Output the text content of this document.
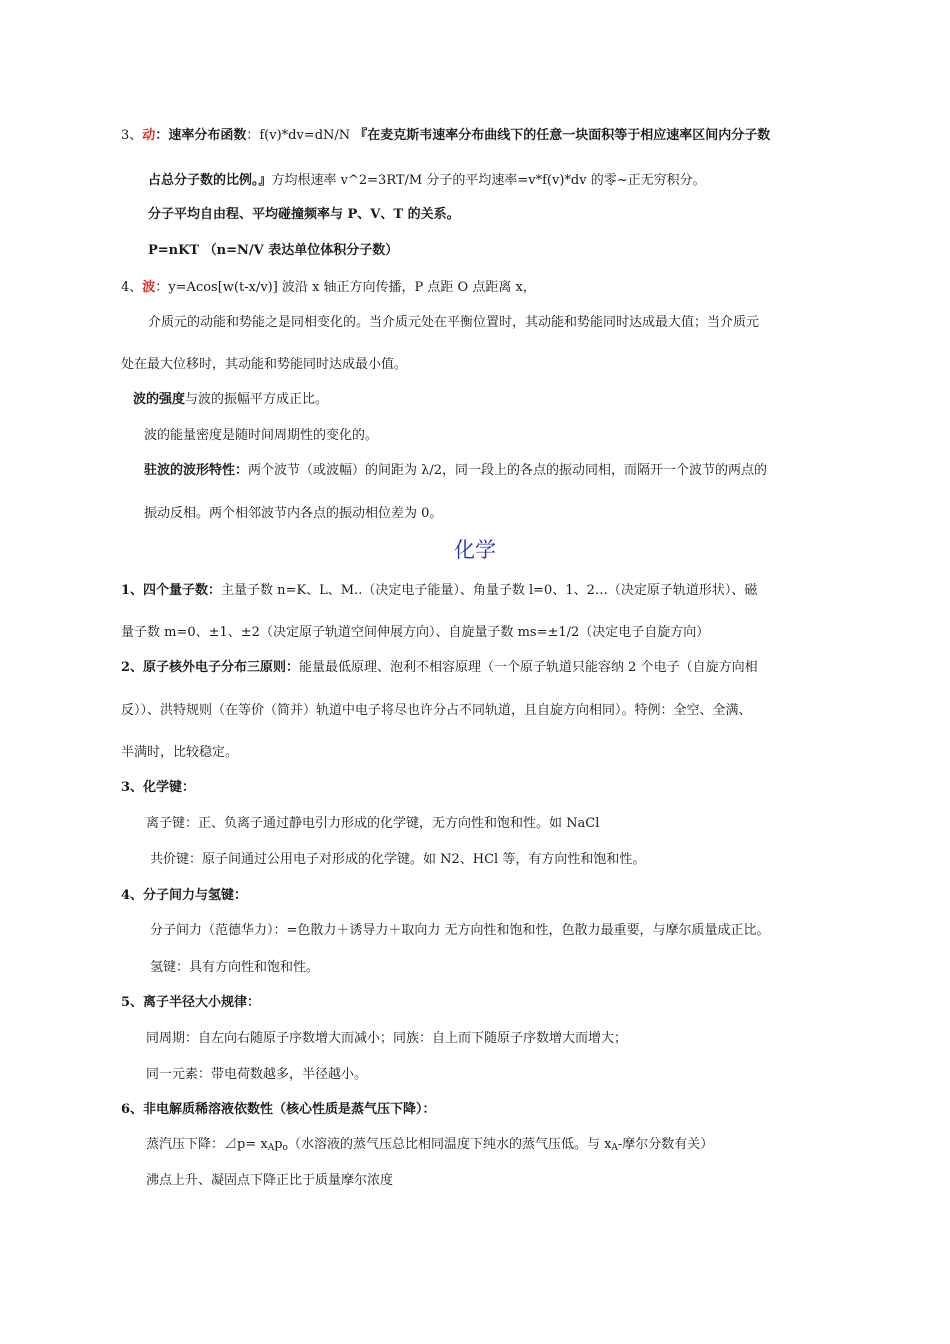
3、动：速率分布函数：f(v)*dv=dN/N 『在麦克斯韦速率分布曲线下的任意一块面积等于相应速率区间内分子数
占总分子数的比例。』方均根速率 v^2=3RT/M 分子的平均速率=v*f(v)*dv 的零~正无穷积分。
分子平均自由程、平均碰撞频率与 P、V、T 的关系。
P=nKT （n=N/V 表达单位体积分子数）
4、波：y=Acos[w(t-x/v)] 波沿 x 轴正方向传播，P 点距 O 点距离 x，
介质元的动能和势能之是同相变化的。当介质元处在平衡位置时，其动能和势能同时达成最大值；当介质元
处在最大位移时，其动能和势能同时达成最小值。
波的强度与波的振幅平方成正比。
波的能量密度是随时间周期性的变化的。
驻波的波形特性：两个波节（或波幅）的间距为 λ/2，同一段上的各点的振动同相，而隔开一个波节的两点的
振动反相。两个相邻波节内各点的振动相位差为 0。
化学
1、四个量子数：主量子数 n=K、L、M..（决定电子能量）、角量子数 l=0、1、2…（决定原子轨道形状）、磁
量子数 m=0、±1、±2（决定原子轨道空间伸展方向）、自旋量子数 ms=±1/2（决定电子自旋方向）
2、原子核外电子分布三原则：能量最低原理、泡利不相容原理（一个原子轨道只能容纳 2 个电子（自旋方向相
反））、洪特规则（在等价（简并）轨道中电子将尽也许分占不同轨道，且自旋方向相同）。特例：全空、全满、
半满时，比较稳定。
3、化学键：
离子键：正、负离子通过静电引力形成的化学键，无方向性和饱和性。如 NaCl
共价键：原子间通过公用电子对形成的化学键。如 N2、HCl 等，有方向性和饱和性。
4、分子间力与氢键：
分子间力（范德华力）：=色散力＋诱导力＋取向力 无方向性和饱和性，色散力最重要，与摩尔质量成正比。
氢键：具有方向性和饱和性。
5、离子半径大小规律：
同周期：自左向右随原子序数增大而减小；同族：自上而下随原子序数增大而增大；
同一元素：带电荷数越多，半径越小。
6、非电解质稀溶液依数性（核心性质是蒸气压下降）：
蒸汽压下降：⊿p= $x_Ap_o$（水溶液的蒸气压总比相同温度下纯水的蒸气压低。与 $x_A-$摩尔分数有关）
沸点上升、凝固点下降正比于质量摩尔浓度
